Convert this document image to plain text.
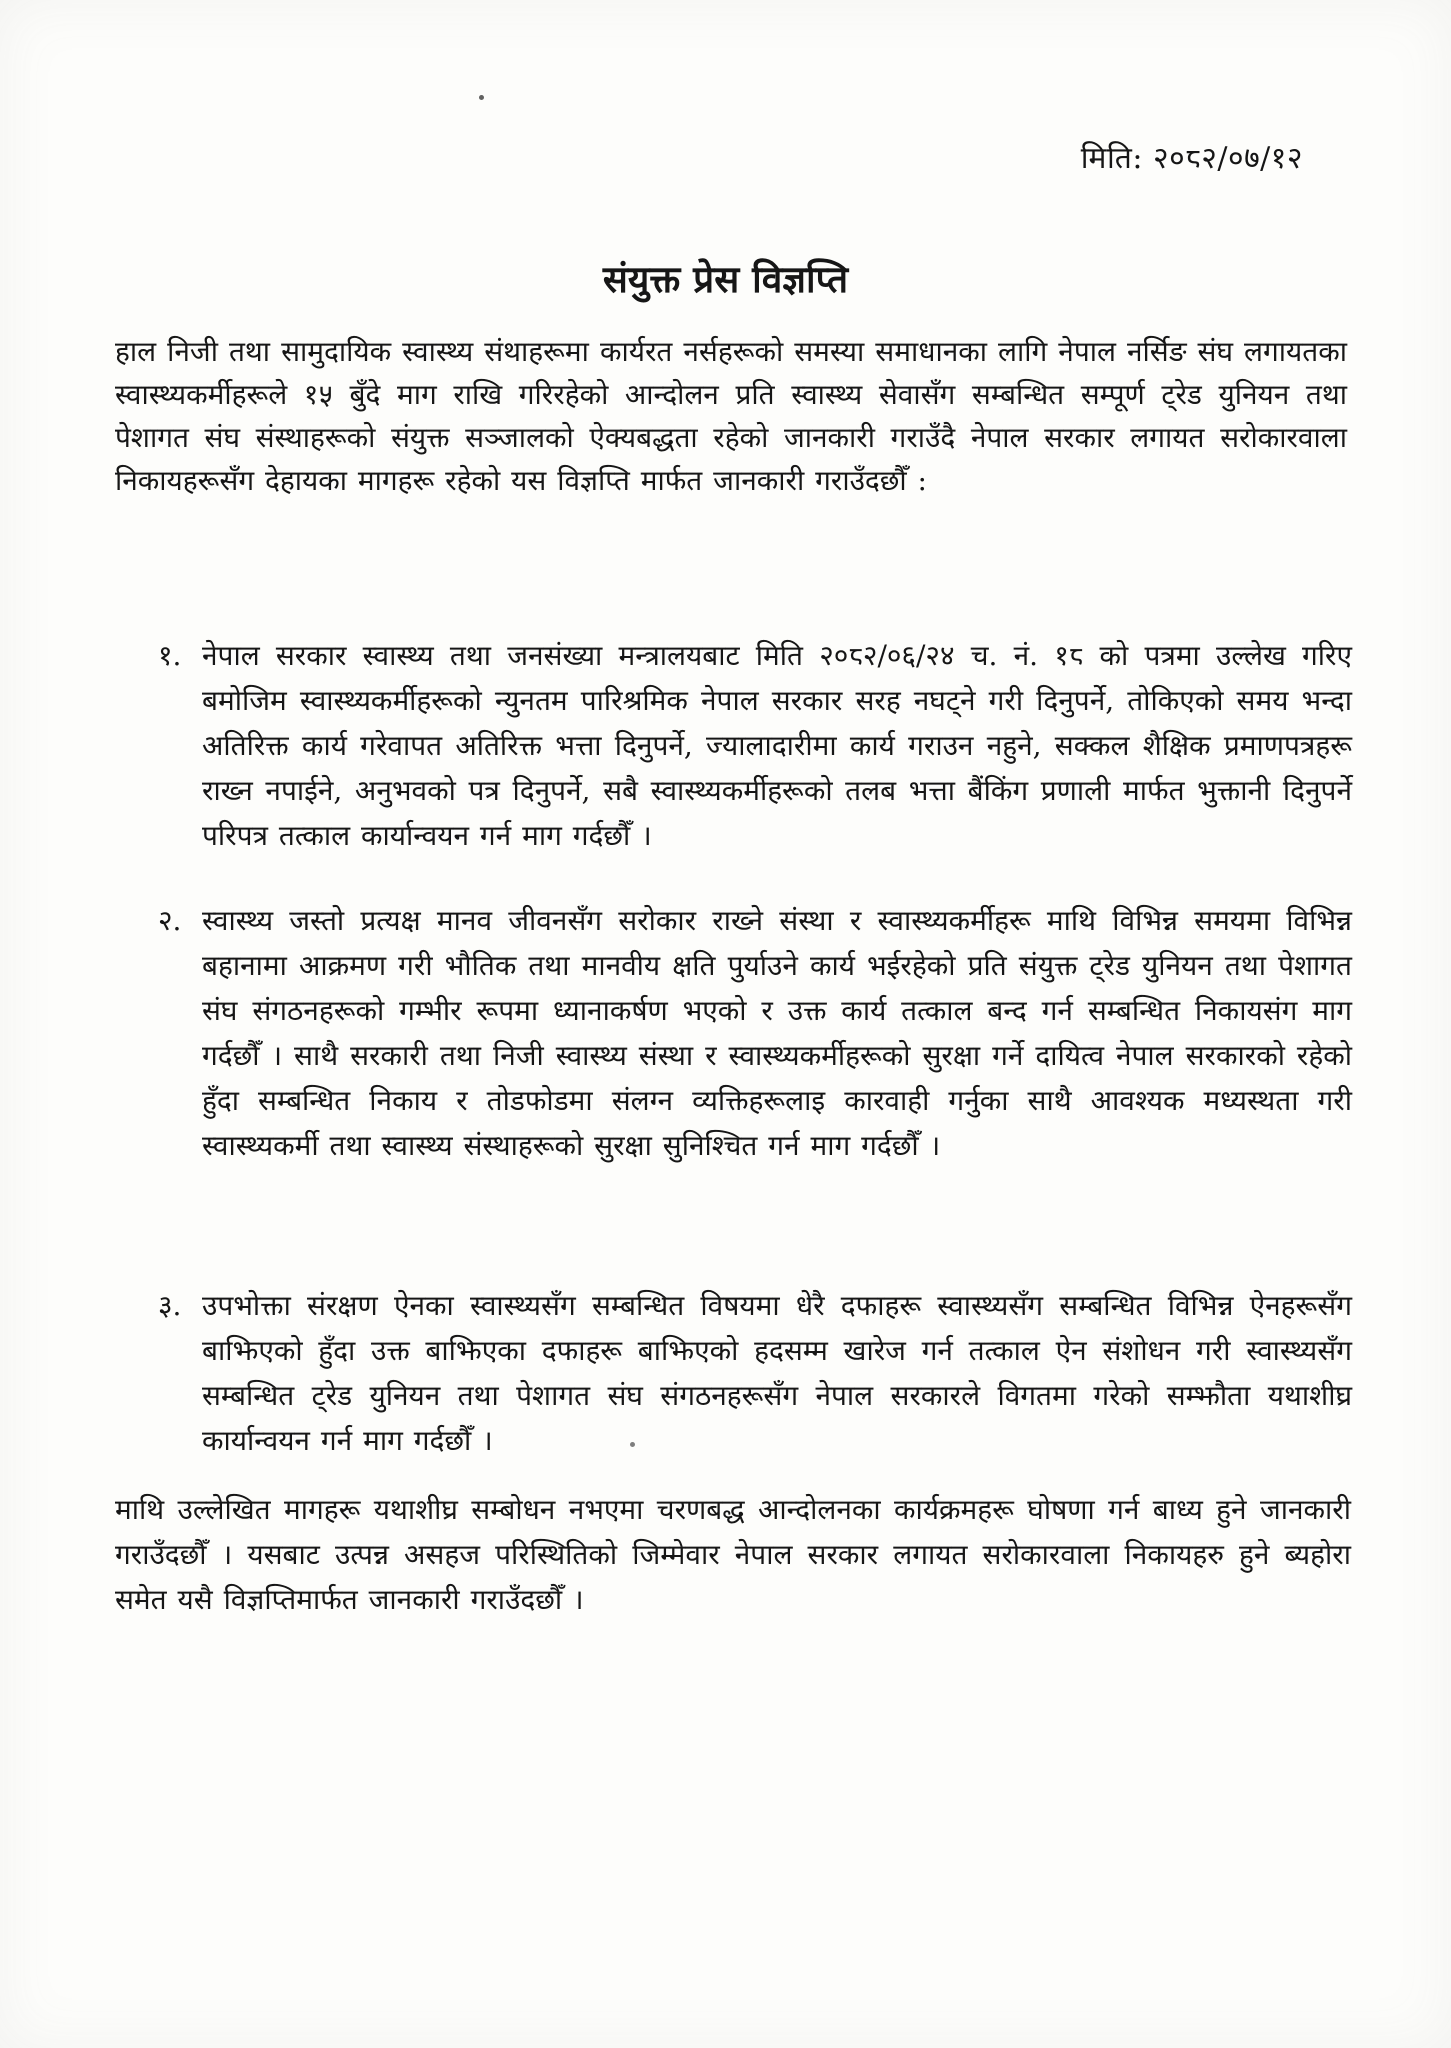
मिति: २०८२/०७/१२
संयुक्त प्रेस विज्ञप्ति

हाल निजी तथा सामुदायिक स्वास्थ्य संथाहरूमा कार्यरत नर्सहरूको समस्या समाधानका लागि नेपाल नर्सिङ संघ लगायतका स्वास्थ्यकर्मीहरूले १५ बुँदे माग राखि गरिरहेको आन्दोलन प्रति स्वास्थ्य सेवासँग सम्बन्धित सम्पूर्ण ट्रेड युनियन तथा पेशागत संघ संस्थाहरूको संयुक्त सञ्जालको ऐक्यबद्धता रहेको जानकारी गराउँदै नेपाल सरकार लगायत सरोकारवाला निकायहरूसँग देहायका मागहरू रहेको यस विज्ञप्ति मार्फत जानकारी गराउँदछौँ :

१. नेपाल सरकार स्वास्थ्य तथा जनसंख्या मन्त्रालयबाट मिति २०८२/०६/२४ च. नं. १८ को पत्रमा उल्लेख गरिए बमोजिम स्वास्थ्यकर्मीहरूको न्युनतम पारिश्रमिक नेपाल सरकार सरह नघट्ने गरी दिनुपर्ने, तोकिएको समय भन्दा अतिरिक्त कार्य गरेवापत अतिरिक्त भत्ता दिनुपर्ने, ज्यालादारीमा कार्य गराउन नहुने, सक्कल शैक्षिक प्रमाणपत्रहरू राख्न नपाईने, अनुभवको पत्र दिनुपर्ने, सबै स्वास्थ्यकर्मीहरूको तलब भत्ता बैंकिंग प्रणाली मार्फत भुक्तानी दिनुपर्ने परिपत्र तत्काल कार्यान्वयन गर्न माग गर्दछौँ ।
२. स्वास्थ्य जस्तो प्रत्यक्ष मानव जीवनसँग सरोकार राख्ने संस्था र स्वास्थ्यकर्मीहरू माथि विभिन्न समयमा विभिन्न बहानामा आक्रमण गरी भौतिक तथा मानवीय क्षति पुर्याउने कार्य भईरहेको प्रति संयुक्त ट्रेड युनियन तथा पेशागत संघ संगठनहरूको गम्भीर रूपमा ध्यानाकर्षण भएको र उक्त कार्य तत्काल बन्द गर्न सम्बन्धित निकायसंग माग गर्दछौँ । साथै सरकारी तथा निजी स्वास्थ्य संस्था र स्वास्थ्यकर्मीहरूको सुरक्षा गर्ने दायित्व नेपाल सरकारको रहेको हुँदा सम्बन्धित निकाय र तोडफोडमा संलग्न व्यक्तिहरूलाइ कारवाही गर्नुका साथै आवश्यक मध्यस्थता गरी स्वास्थ्यकर्मी तथा स्वास्थ्य संस्थाहरूको सुरक्षा सुनिश्चित गर्न माग गर्दछौँ ।
३. उपभोक्ता संरक्षण ऐनका स्वास्थ्यसँग सम्बन्धित विषयमा धेरै दफाहरू स्वास्थ्यसँग सम्बन्धित विभिन्न ऐनहरूसँग बाझिएको हुँदा उक्त बाझिएका दफाहरू बाझिएको हदसम्म खारेज गर्न तत्काल ऐन संशोधन गरी स्वास्थ्यसँग सम्बन्धित ट्रेड युनियन तथा पेशागत संघ संगठनहरूसँग नेपाल सरकारले विगतमा गरेको सम्झौता यथाशीघ्र कार्यान्वयन गर्न माग गर्दछौँ ।

माथि उल्लेखित मागहरू यथाशीघ्र सम्बोधन नभएमा चरणबद्ध आन्दोलनका कार्यक्रमहरू घोषणा गर्न बाध्य हुने जानकारी गराउँदछौँ । यसबाट उत्पन्न असहज परिस्थितिको जिम्मेवार नेपाल सरकार लगायत सरोकारवाला निकायहरु हुने ब्यहोरा समेत यसै विज्ञप्तिमार्फत जानकारी गराउँदछौँ ।
